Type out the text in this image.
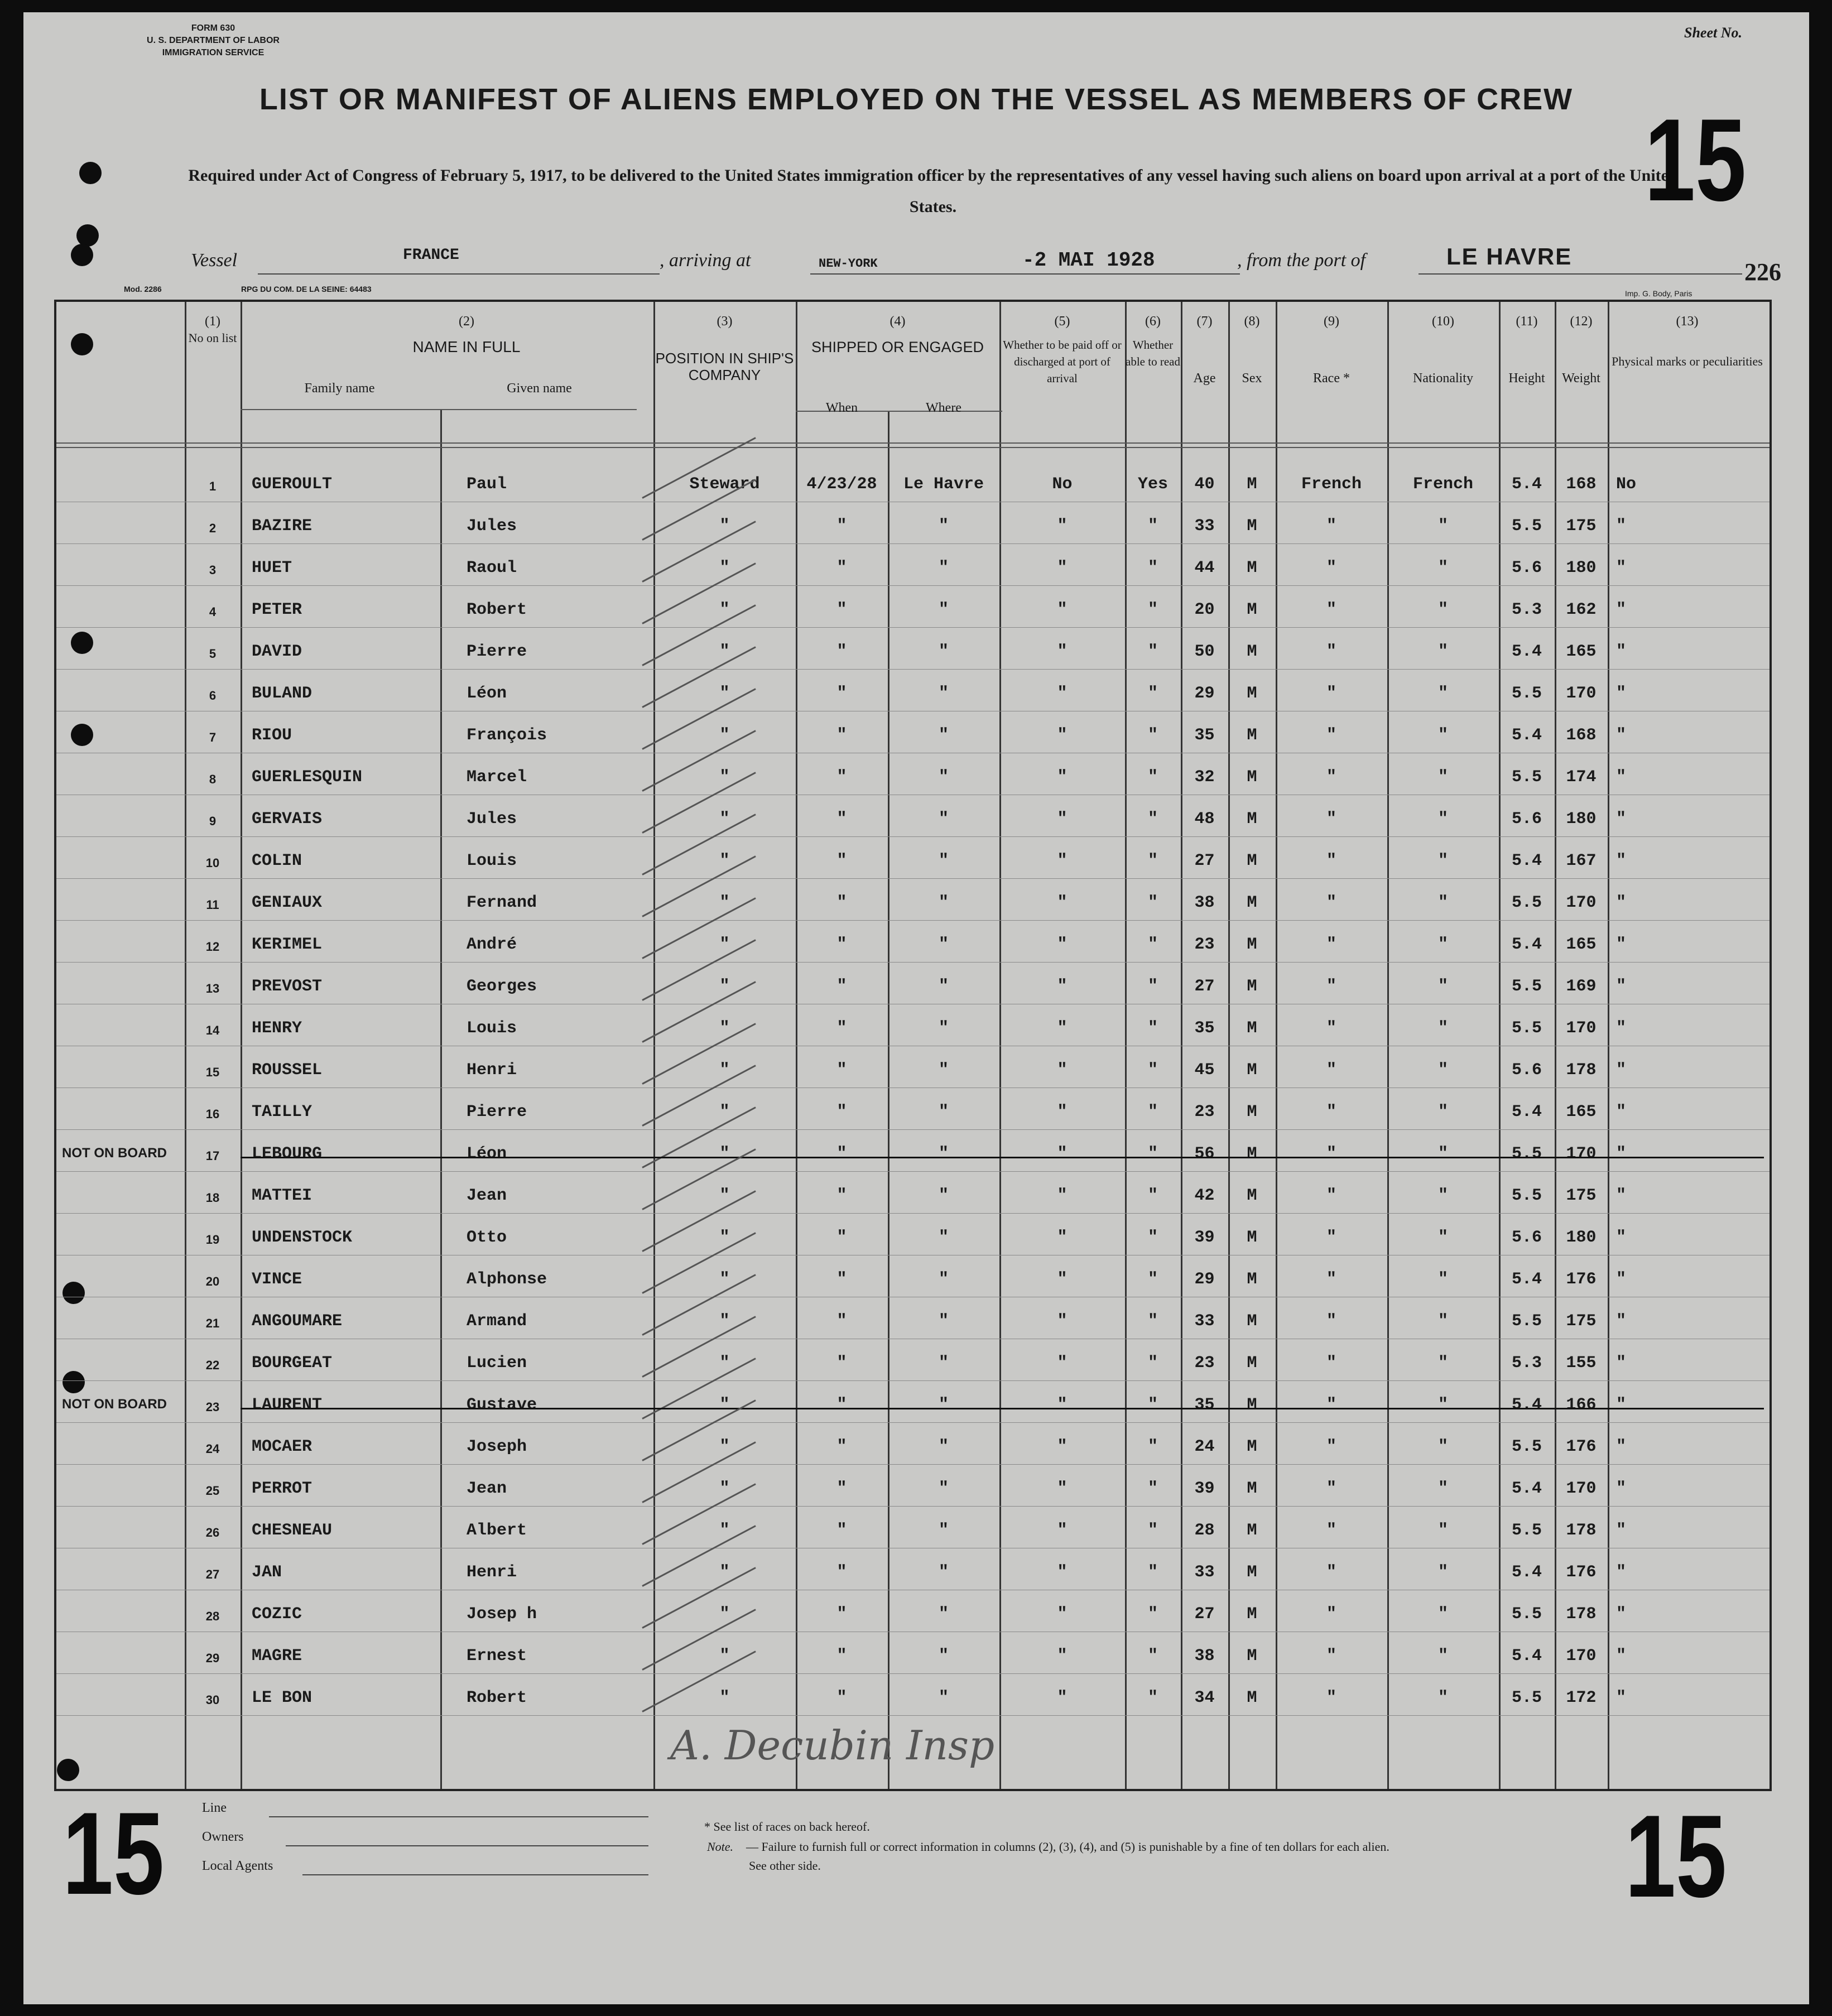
FORM 630
U. S. DEPARTMENT OF LABOR
IMMIGRATION SERVICE
Sheet No.
LIST OR MANIFEST OF ALIENS EMPLOYED ON THE VESSEL AS MEMBERS OF CREW
Required under Act of Congress of February 5, 1917, to be delivered to the United States immigration officer by the representatives of any vessel having such aliens on board upon arrival at a port of the United States.	15
15	15
Vessel	FRANCE	, arriving at	NEW-YORK	-2 MAI 1928	, from the port of	LE HAVRE
Mod. 2286	RPG DU COM. DE LA SEINE: 64483	Imp. G. Body, Paris
226
(1)
No on list
(2)
NAME IN FULL
Family name	Given name
(3)
POSITION IN SHIP'S COMPANY
(4)
SHIPPED OR ENGAGED
When	Where
(5)
Whether to be paid off or discharged at port of arrival
(6)
Whether able to read
(7)
Age
(8)
Sex
(9)
Race *
(10)
Nationality
(11)
Height
(12)
Weight
(13)
Physical marks or peculiarities
1	GUEROULT	Paul	Steward	4/23/28	Le Havre	No	Yes	40	M	French	French	5.4	168	No
2	BAZIRE	Jules	"	"	"	"	"	33	M	"	"	5.5	175	"
3	HUET	Raoul	"	"	"	"	"	44	M	"	"	5.6	180	"
4	PETER	Robert	"	"	"	"	"	20	M	"	"	5.3	162	"
5	DAVID	Pierre	"	"	"	"	"	50	M	"	"	5.4	165	"
6	BULAND	Léon	"	"	"	"	"	29	M	"	"	5.5	170	"
7	RIOU	François	"	"	"	"	"	35	M	"	"	5.4	168	"
8	GUERLESQUIN	Marcel	"	"	"	"	"	32	M	"	"	5.5	174	"
9	GERVAIS	Jules	"	"	"	"	"	48	M	"	"	5.6	180	"
10	COLIN	Louis	"	"	"	"	"	27	M	"	"	5.4	167	"
11	GENIAUX	Fernand	"	"	"	"	"	38	M	"	"	5.5	170	"
12	KERIMEL	André	"	"	"	"	"	23	M	"	"	5.4	165	"
13	PREVOST	Georges	"	"	"	"	"	27	M	"	"	5.5	169	"
14	HENRY	Louis	"	"	"	"	"	35	M	"	"	5.5	170	"
15	ROUSSEL	Henri	"	"	"	"	"	45	M	"	"	5.6	178	"
16	TAILLY	Pierre	"	"	"	"	"	23	M	"	"	5.4	165	"
17	LEBOURG	Léon	"	"	"	"	"	56	M	"	"	5.5	170	"
NOT ON BOARD
18	MATTEI	Jean	"	"	"	"	"	42	M	"	"	5.5	175	"
19	UNDENSTOCK	Otto	"	"	"	"	"	39	M	"	"	5.6	180	"
20	VINCE	Alphonse	"	"	"	"	"	29	M	"	"	5.4	176	"
21	ANGOUMARE	Armand	"	"	"	"	"	33	M	"	"	5.5	175	"
22	BOURGEAT	Lucien	"	"	"	"	"	23	M	"	"	5.3	155	"
23	LAURENT	Gustave	"	"	"	"	"	35	M	"	"	5.4	166	"
NOT ON BOARD
24	MOCAER	Joseph	"	"	"	"	"	24	M	"	"	5.5	176	"
25	PERROT	Jean	"	"	"	"	"	39	M	"	"	5.4	170	"
26	CHESNEAU	Albert	"	"	"	"	"	28	M	"	"	5.5	178	"
27	JAN	Henri	"	"	"	"	"	33	M	"	"	5.4	176	"
28	COZIC	Josep h	"	"	"	"	"	27	M	"	"	5.5	178	"
29	MAGRE	Ernest	"	"	"	"	"	38	M	"	"	5.4	170	"
30	LE BON	Robert	"	"	"	"	"	34	M	"	"	5.5	172	"
A. Decubin Insp
Line
Owners
Local Agents
* See list of races on back hereof.
Note. — Failure to furnish full or correct information in columns (2), (3), (4), and (5) is punishable by a fine of ten dollars for each alien.
See other side.
